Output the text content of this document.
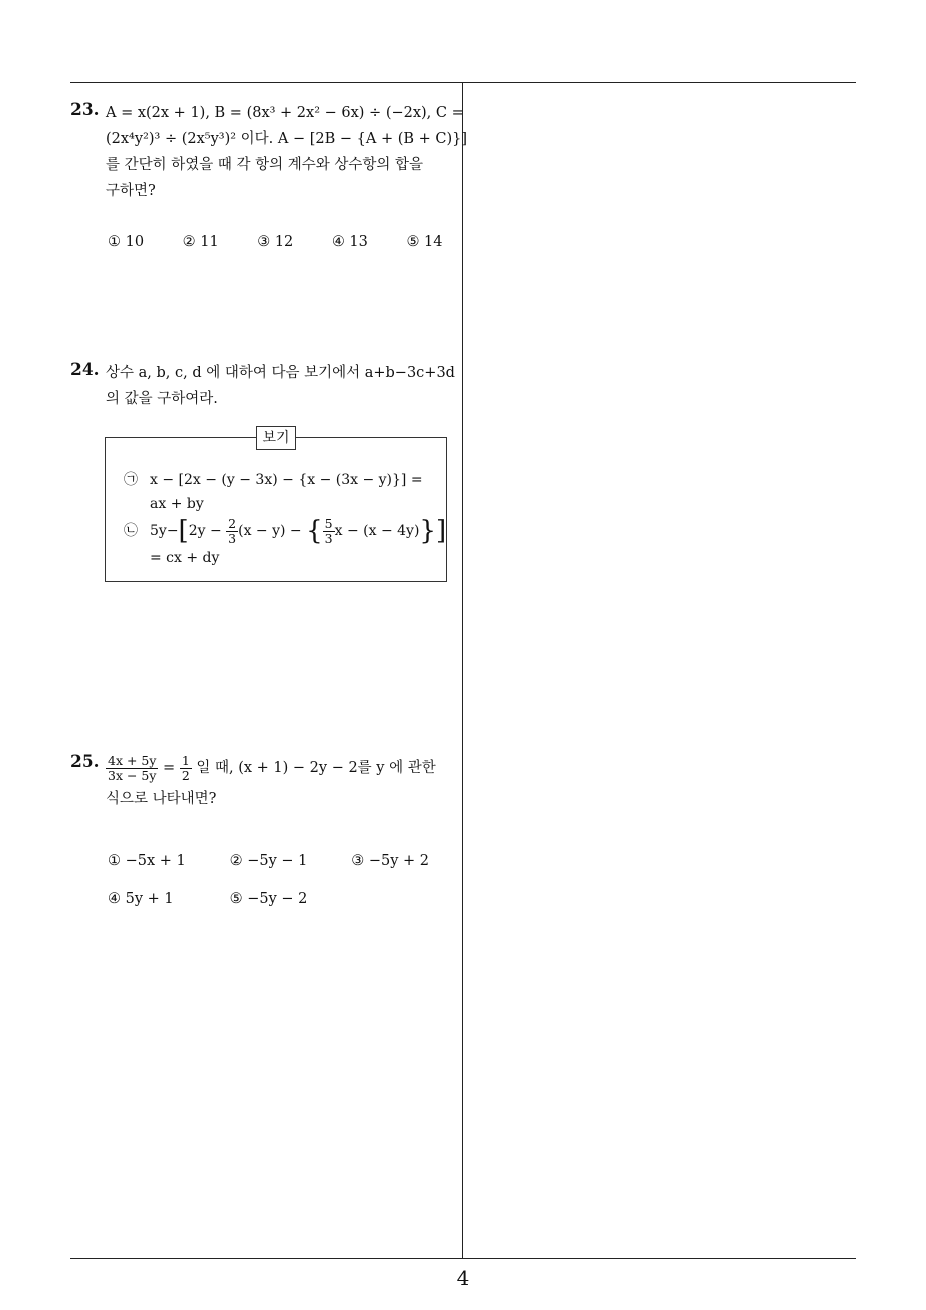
23. A = x(2x + 1), B = (8x³ + 2x² − 6x) ÷ (−2x), C =
(2x⁴y²)³ ÷ (2x⁵y³)² 이다. A − [2B − {A + (B + C)}]
를 간단히 하였을 때 각 항의 계수와 상수항의 합을
구하면?
① 10	② 11	③ 12	④ 13	⑤ 14
24. 상수 a, b, c, d 에 대하여 다음 보기에서 a+b−3c+3d
의 값을 구하여라.
보기
㉠ x − [2x − (y − 3x) − {x − (3x − y)}] =
ax + by
㉡ $5y-[2y - \frac{2}{3} (x - y)$ − { $\frac{5}{3}$ x − (x − 4y)}]
= cx + dy
25. $\frac{4x + 5y}{3x - 5y} = \frac{1}{2}$ 일 때, (x + 1) − 2y − 2를 y 에 관한
식으로 나타내면?
① −5x + 1	② −5y − 1	③ −5y + 2
④ 5y + 1	⑤ −5y − 2
4
